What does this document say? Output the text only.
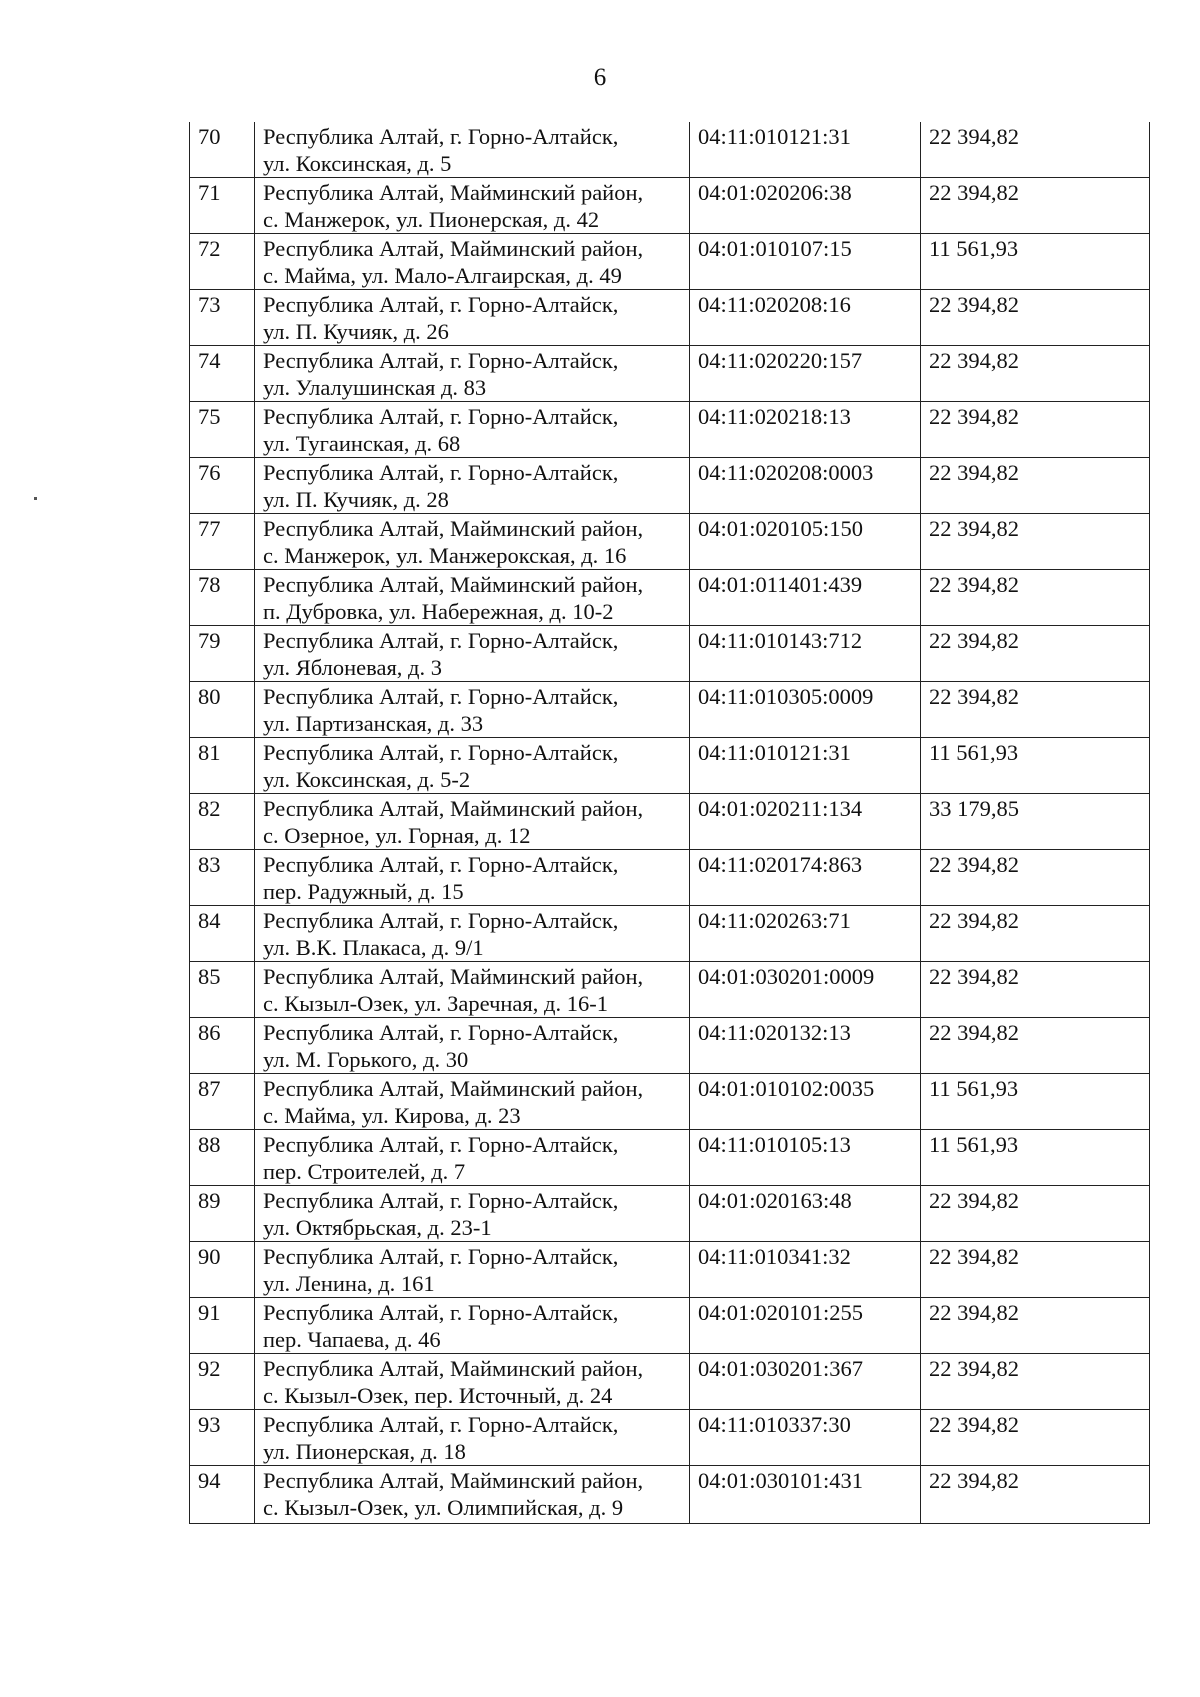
6
70	Республика Алтай, г. Горно-Алтайск,
ул. Коксинская, д. 5	04:11:010121:31	22 394,82
71	Республика Алтай, Майминский район,
с. Манжерок, ул. Пионерская, д. 42	04:01:020206:38	22 394,82
72	Республика Алтай, Майминский район,
с. Майма, ул. Мало-Алгаирская, д. 49	04:01:010107:15	11 561,93
73	Республика Алтай, г. Горно-Алтайск,
ул. П. Кучияк, д. 26	04:11:020208:16	22 394,82
74	Республика Алтай, г. Горно-Алтайск,
ул. Улалушинская д. 83	04:11:020220:157	22 394,82
75	Республика Алтай, г. Горно-Алтайск,
ул. Тугаинская, д. 68	04:11:020218:13	22 394,82
76	Республика Алтай, г. Горно-Алтайск,
ул. П. Кучияк, д. 28	04:11:020208:0003	22 394,82
77	Республика Алтай, Майминский район,
с. Манжерок, ул. Манжерокская, д. 16	04:01:020105:150	22 394,82
78	Республика Алтай, Майминский район,
п. Дубровка, ул. Набережная, д. 10-2	04:01:011401:439	22 394,82
79	Республика Алтай, г. Горно-Алтайск,
ул. Яблоневая, д. 3	04:11:010143:712	22 394,82
80	Республика Алтай, г. Горно-Алтайск,
ул. Партизанская, д. 33	04:11:010305:0009	22 394,82
81	Республика Алтай, г. Горно-Алтайск,
ул. Коксинская, д. 5-2	04:11:010121:31	11 561,93
82	Республика Алтай, Майминский район,
с. Озерное, ул. Горная, д. 12	04:01:020211:134	33 179,85
83	Республика Алтай, г. Горно-Алтайск,
пер. Радужный, д. 15	04:11:020174:863	22 394,82
84	Республика Алтай, г. Горно-Алтайск,
ул. В.К. Плакаса, д. 9/1	04:11:020263:71	22 394,82
85	Республика Алтай, Майминский район,
с. Кызыл-Озек, ул. Заречная, д. 16-1	04:01:030201:0009	22 394,82
86	Республика Алтай, г. Горно-Алтайск,
ул. М. Горького, д. 30	04:11:020132:13	22 394,82
87	Республика Алтай, Майминский район,
с. Майма, ул. Кирова, д. 23	04:01:010102:0035	11 561,93
88	Республика Алтай, г. Горно-Алтайск,
пер. Строителей, д. 7	04:11:010105:13	11 561,93
89	Республика Алтай, г. Горно-Алтайск,
ул. Октябрьская, д. 23-1	04:01:020163:48	22 394,82
90	Республика Алтай, г. Горно-Алтайск,
ул. Ленина, д. 161	04:11:010341:32	22 394,82
91	Республика Алтай, г. Горно-Алтайск,
пер. Чапаева, д. 46	04:01:020101:255	22 394,82
92	Республика Алтай, Майминский район,
с. Кызыл-Озек, пер. Источный, д. 24	04:01:030201:367	22 394,82
93	Республика Алтай, г. Горно-Алтайск,
ул. Пионерская, д. 18	04:11:010337:30	22 394,82
94	Республика Алтай, Майминский район,
с. Кызыл-Озек, ул. Олимпийская, д. 9	04:01:030101:431	22 394,82
